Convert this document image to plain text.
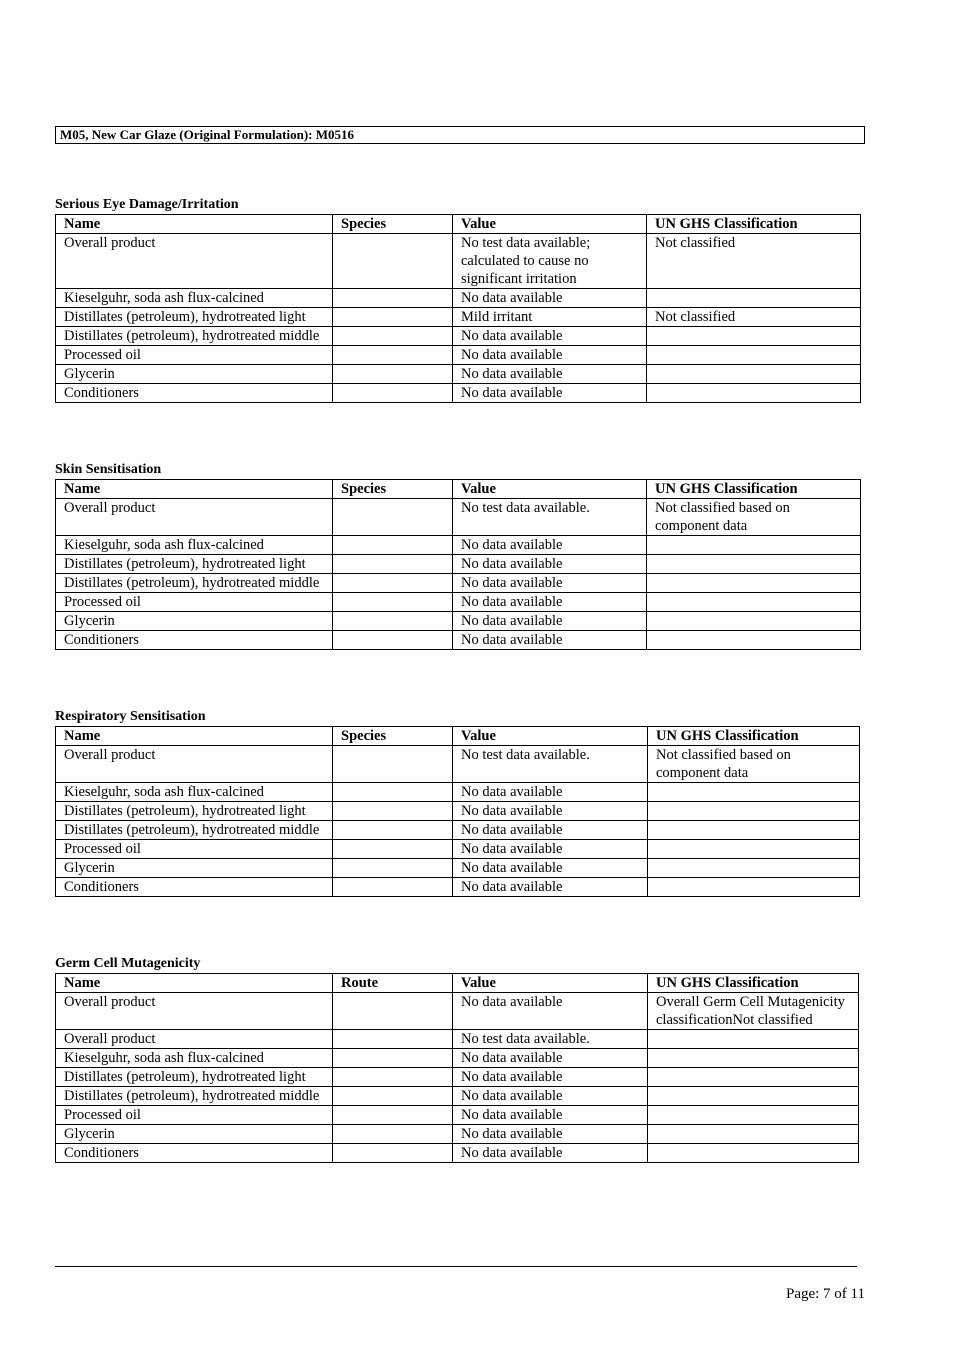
M05, New Car Glaze (Original Formulation): M0516
Serious Eye Damage/Irritation
Name	Species	Value	UN GHS Classification
Overall product		No test data available; calculated to cause no significant irritation	Not classified
Kieselguhr, soda ash flux-calcined		No data available	
Distillates (petroleum), hydrotreated light		Mild irritant	Not classified
Distillates (petroleum), hydrotreated middle		No data available	
Processed oil		No data available	
Glycerin		No data available	
Conditioners		No data available	
Skin Sensitisation
Name	Species	Value	UN GHS Classification
Overall product		No test data available.	Not classified based on component data
Kieselguhr, soda ash flux-calcined		No data available	
Distillates (petroleum), hydrotreated light		No data available	
Distillates (petroleum), hydrotreated middle		No data available	
Processed oil		No data available	
Glycerin		No data available	
Conditioners		No data available	
Respiratory Sensitisation
Name	Species	Value	UN GHS Classification
Overall product		No test data available.	Not classified based on component data
Kieselguhr, soda ash flux-calcined		No data available	
Distillates (petroleum), hydrotreated light		No data available	
Distillates (petroleum), hydrotreated middle		No data available	
Processed oil		No data available	
Glycerin		No data available	
Conditioners		No data available	
Germ Cell Mutagenicity
Name	Route	Value	UN GHS Classification
Overall product		No data available	Overall Germ Cell Mutagenicity classificationNot classified
Overall product		No test data available.	
Kieselguhr, soda ash flux-calcined		No data available	
Distillates (petroleum), hydrotreated light		No data available	
Distillates (petroleum), hydrotreated middle		No data available	
Processed oil		No data available	
Glycerin		No data available	
Conditioners		No data available	
Page: 7 of 11
